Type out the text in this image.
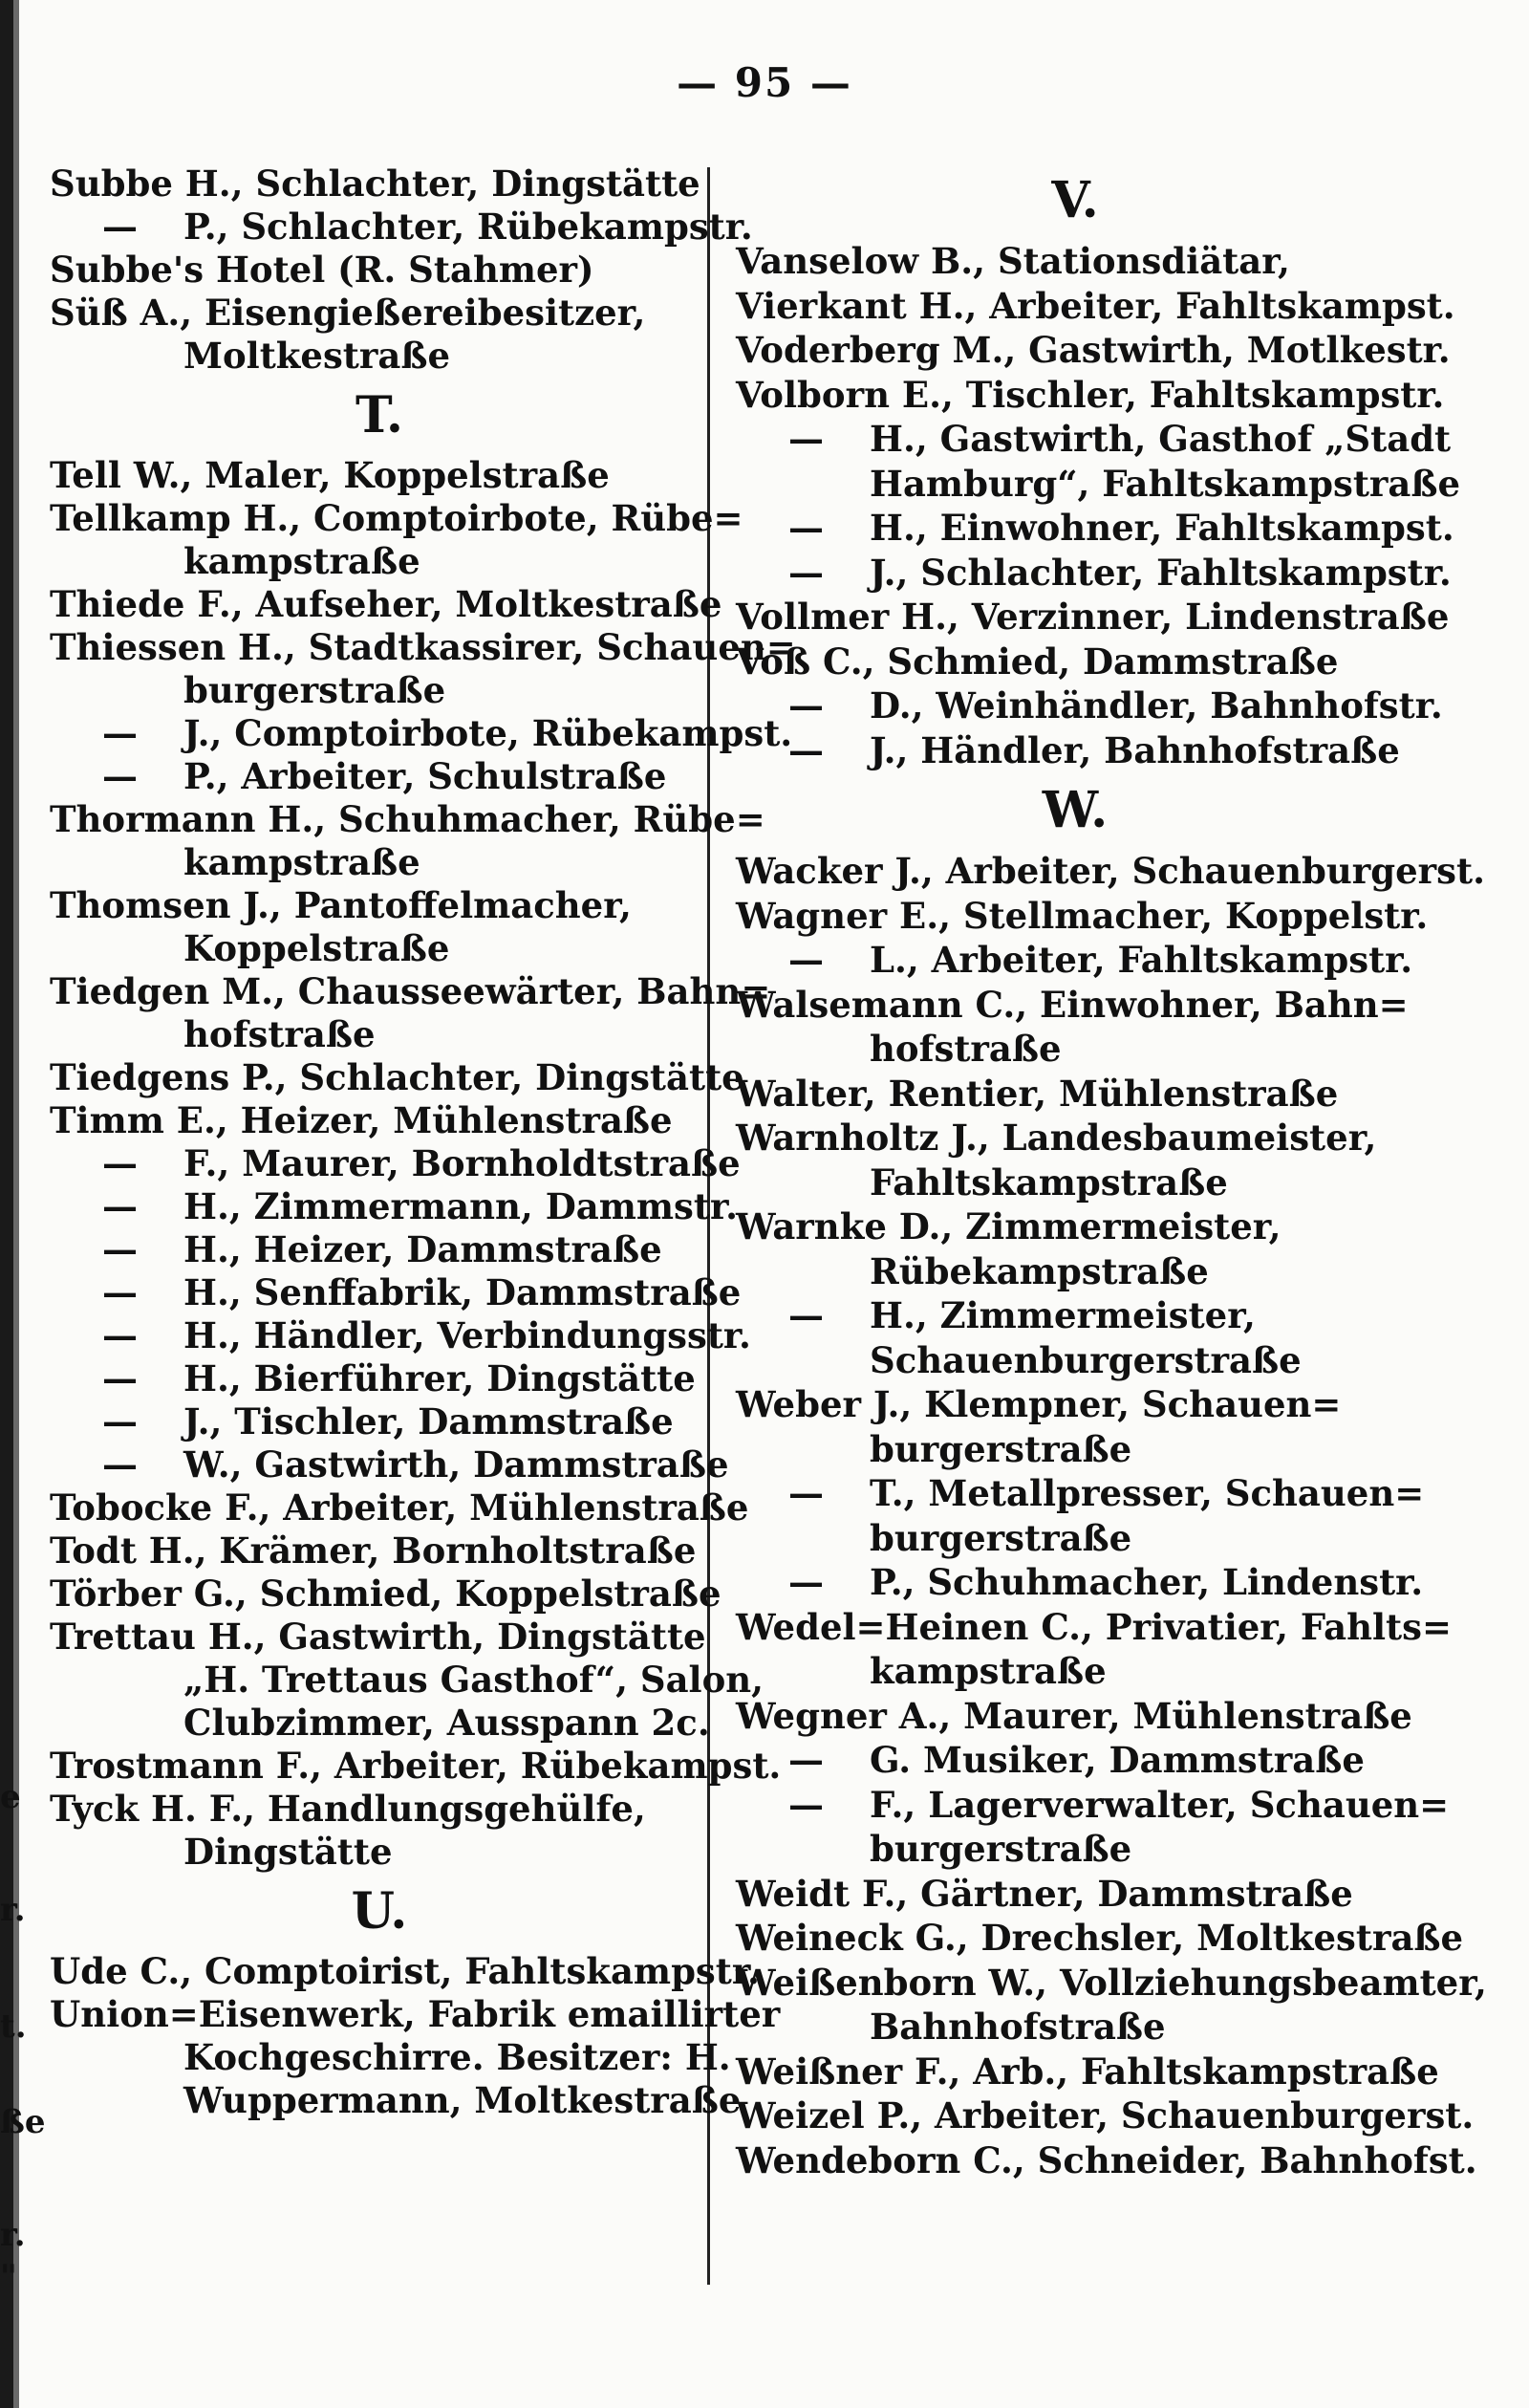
e
r.
t.
ße
r.
"
— 95 —
Subbe H., Schlachter, Dingstätte
— P., Schlachter, Rübekampstr.
Subbe's Hotel (R. Stahmer)
Süß A., Eisengießereibesitzer,
Moltkestraße
T.
Tell W., Maler, Koppelstraße
Tellkamp H., Comptoirbote, Rübe=
kampstraße
Thiede F., Aufseher, Moltkestraße
Thiessen H., Stadtkassirer, Schauen=
burgerstraße
— J., Comptoirbote, Rübekampst.
— P., Arbeiter, Schulstraße
Thormann H., Schuhmacher, Rübe=
kampstraße
Thomsen J., Pantoffelmacher,
Koppelstraße
Tiedgen M., Chausseewärter, Bahn=
hofstraße
Tiedgens P., Schlachter, Dingstätte
Timm E., Heizer, Mühlenstraße
— F., Maurer, Bornholdtstraße
— H., Zimmermann, Dammstr.
— H., Heizer, Dammstraße
— H., Senffabrik, Dammstraße
— H., Händler, Verbindungsstr.
— H., Bierführer, Dingstätte
— J., Tischler, Dammstraße
— W., Gastwirth, Dammstraße
Tobocke F., Arbeiter, Mühlenstraße
Todt H., Krämer, Bornholtstraße
Törber G., Schmied, Koppelstraße
Trettau H., Gastwirth, Dingstätte
„H. Trettaus Gasthof“, Salon,
Clubzimmer, Ausspann 2c.
Trostmann F., Arbeiter, Rübekampst.
Tyck H. F., Handlungsgehülfe,
Dingstätte
U.
Ude C., Comptoirist, Fahltskampstr.
Union=Eisenwerk, Fabrik emaillirter
Kochgeschirre. Besitzer: H.
Wuppermann, Moltkestraße
V.
Vanselow B., Stationsdiätar,
Vierkant H., Arbeiter, Fahltskampst.
Voderberg M., Gastwirth, Motlkestr.
Volborn E., Tischler, Fahltskampstr.
— H., Gastwirth, Gasthof „Stadt
Hamburg“, Fahltskampstraße
— H., Einwohner, Fahltskampst.
— J., Schlachter, Fahltskampstr.
Vollmer H., Verzinner, Lindenstraße
Voß C., Schmied, Dammstraße
— D., Weinhändler, Bahnhofstr.
— J., Händler, Bahnhofstraße
W.
Wacker J., Arbeiter, Schauenburgerst.
Wagner E., Stellmacher, Koppelstr.
— L., Arbeiter, Fahltskampstr.
Walsemann C., Einwohner, Bahn=
hofstraße
Walter, Rentier, Mühlenstraße
Warnholtz J., Landesbaumeister,
Fahltskampstraße
Warnke D., Zimmermeister,
Rübekampstraße
— H., Zimmermeister,
Schauenburgerstraße
Weber J., Klempner, Schauen=
burgerstraße
— T., Metallpresser, Schauen=
burgerstraße
— P., Schuhmacher, Lindenstr.
Wedel=Heinen C., Privatier, Fahlts=
kampstraße
Wegner A., Maurer, Mühlenstraße
— G. Musiker, Dammstraße
— F., Lagerverwalter, Schauen=
burgerstraße
Weidt F., Gärtner, Dammstraße
Weineck G., Drechsler, Moltkestraße
Weißenborn W., Vollziehungsbeamter,
Bahnhofstraße
Weißner F., Arb., Fahltskampstraße
Weizel P., Arbeiter, Schauenburgerst.
Wendeborn C., Schneider, Bahnhofst.
